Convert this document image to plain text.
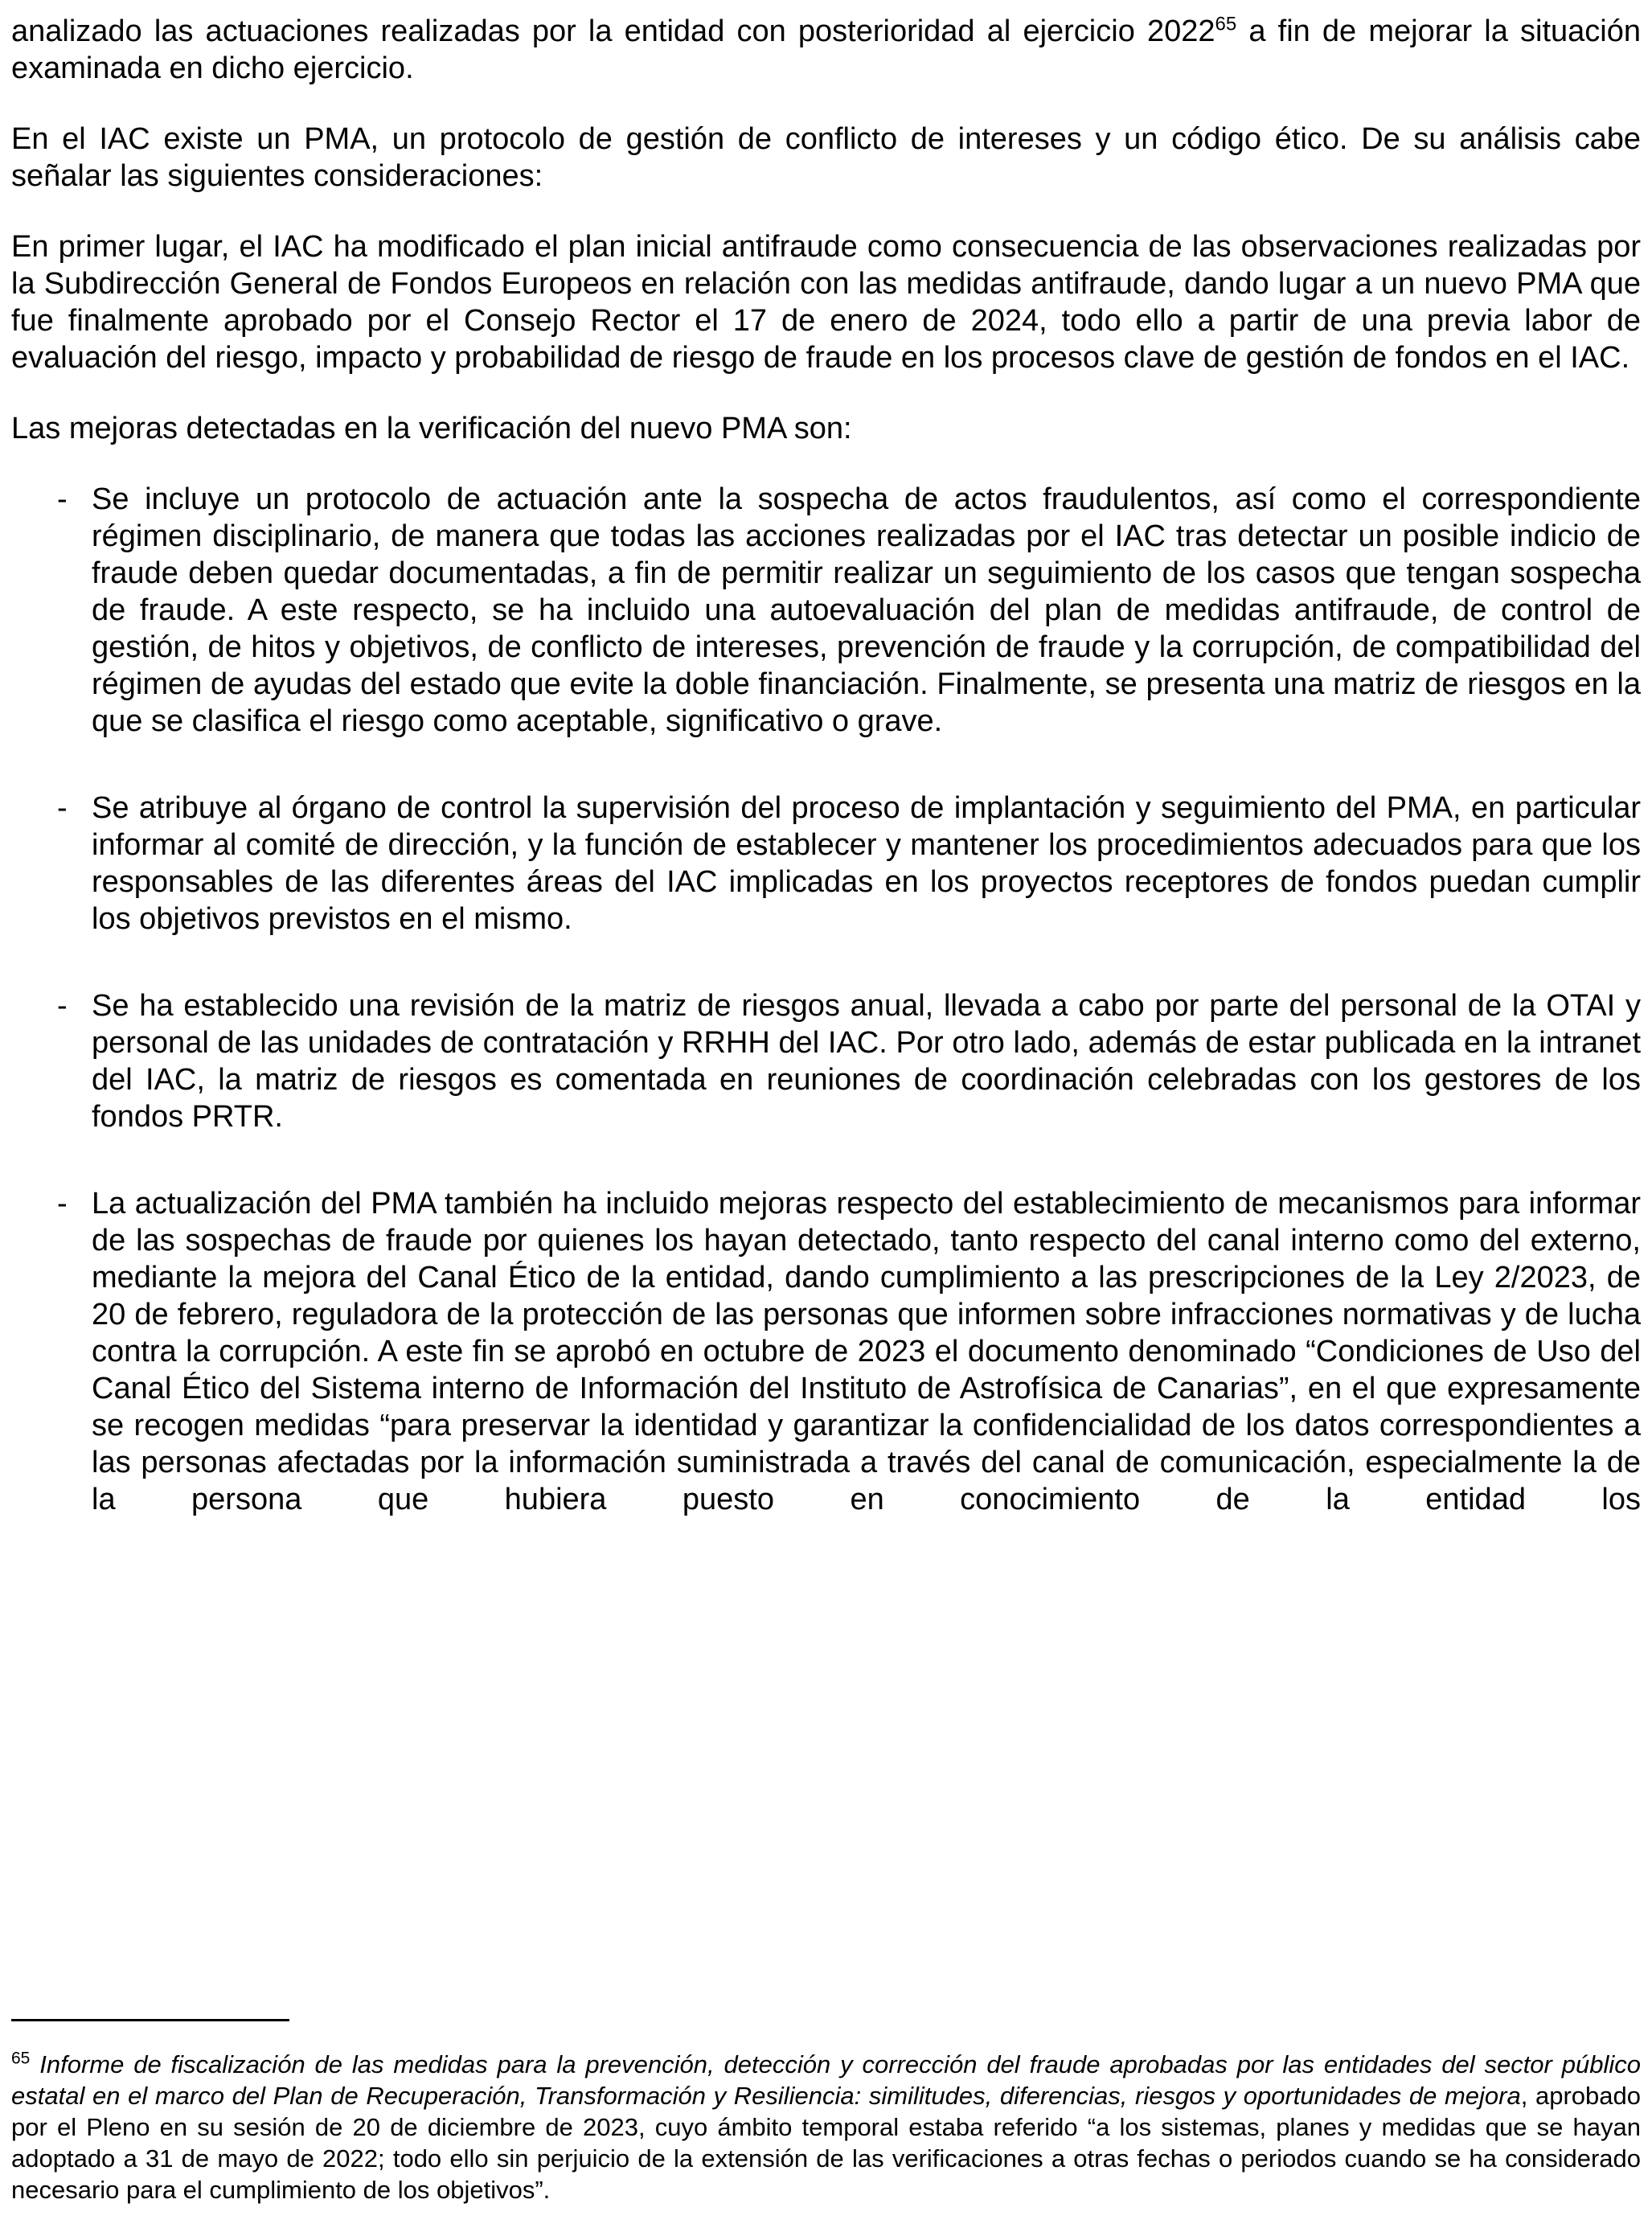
analizado las actuaciones realizadas por la entidad con posterioridad al ejercicio 2022$^{65}$ a fin de mejorar la situación examinada en dicho ejercicio.

En el IAC existe un PMA, un protocolo de gestión de conflicto de intereses y un código ético. De su análisis cabe señalar las siguientes consideraciones:

En primer lugar, el IAC ha modificado el plan inicial antifraude como consecuencia de las observaciones realizadas por la Subdirección General de Fondos Europeos en relación con las medidas antifraude, dando lugar a un nuevo PMA que fue finalmente aprobado por el Consejo Rector el 17 de enero de 2024, todo ello a partir de una previa labor de evaluación del riesgo, impacto y probabilidad de riesgo de fraude en los procesos clave de gestión de fondos en el IAC.

Las mejoras detectadas en la verificación del nuevo PMA son:

- Se incluye un protocolo de actuación ante la sospecha de actos fraudulentos, así como el correspondiente régimen disciplinario, de manera que todas las acciones realizadas por el IAC tras detectar un posible indicio de fraude deben quedar documentadas, a fin de permitir realizar un seguimiento de los casos que tengan sospecha de fraude. A este respecto, se ha incluido una autoevaluación del plan de medidas antifraude, de control de gestión, de hitos y objetivos, de conflicto de intereses, prevención de fraude y la corrupción, de compatibilidad del régimen de ayudas del estado que evite la doble financiación. Finalmente, se presenta una matriz de riesgos en la que se clasifica el riesgo como aceptable, significativo o grave.
- Se atribuye al órgano de control la supervisión del proceso de implantación y seguimiento del PMA, en particular informar al comité de dirección, y la función de establecer y mantener los procedimientos adecuados para que los responsables de las diferentes áreas del IAC implicadas en los proyectos receptores de fondos puedan cumplir los objetivos previstos en el mismo.
- Se ha establecido una revisión de la matriz de riesgos anual, llevada a cabo por parte del personal de la OTAI y personal de las unidades de contratación y RRHH del IAC. Por otro lado, además de estar publicada en la intranet del IAC, la matriz de riesgos es comentada en reuniones de coordinación celebradas con los gestores de los fondos PRTR.
- La actualización del PMA también ha incluido mejoras respecto del establecimiento de mecanismos para informar de las sospechas de fraude por quienes los hayan detectado, tanto respecto del canal interno como del externo, mediante la mejora del Canal Ético de la entidad, dando cumplimiento a las prescripciones de la Ley 2/2023, de 20 de febrero, reguladora de la protección de las personas que informen sobre infracciones normativas y de lucha contra la corrupción. A este fin se aprobó en octubre de 2023 el documento denominado “Condiciones de Uso del Canal Ético del Sistema interno de Información del Instituto de Astrofísica de Canarias”, en el que expresamente se recogen medidas “para preservar la identidad y garantizar la confidencialidad de los datos correspondientes a las personas afectadas por la información suministrada a través del canal de comunicación, especialmente la de la persona que hubiera puesto en conocimiento de la entidad los

$^{65}$ Informe de fiscalización de las medidas para la prevención, detección y corrección del fraude aprobadas por las entidades del sector público estatal en el marco del Plan de Recuperación, Transformación y Resiliencia: similitudes, diferencias, riesgos y oportunidades de mejora, aprobado por el Pleno en su sesión de 20 de diciembre de 2023, cuyo ámbito temporal estaba referido “a los sistemas, planes y medidas que se hayan adoptado a 31 de mayo de 2022; todo ello sin perjuicio de la extensión de las verificaciones a otras fechas o periodos cuando se ha considerado necesario para el cumplimiento de los objetivos”.
